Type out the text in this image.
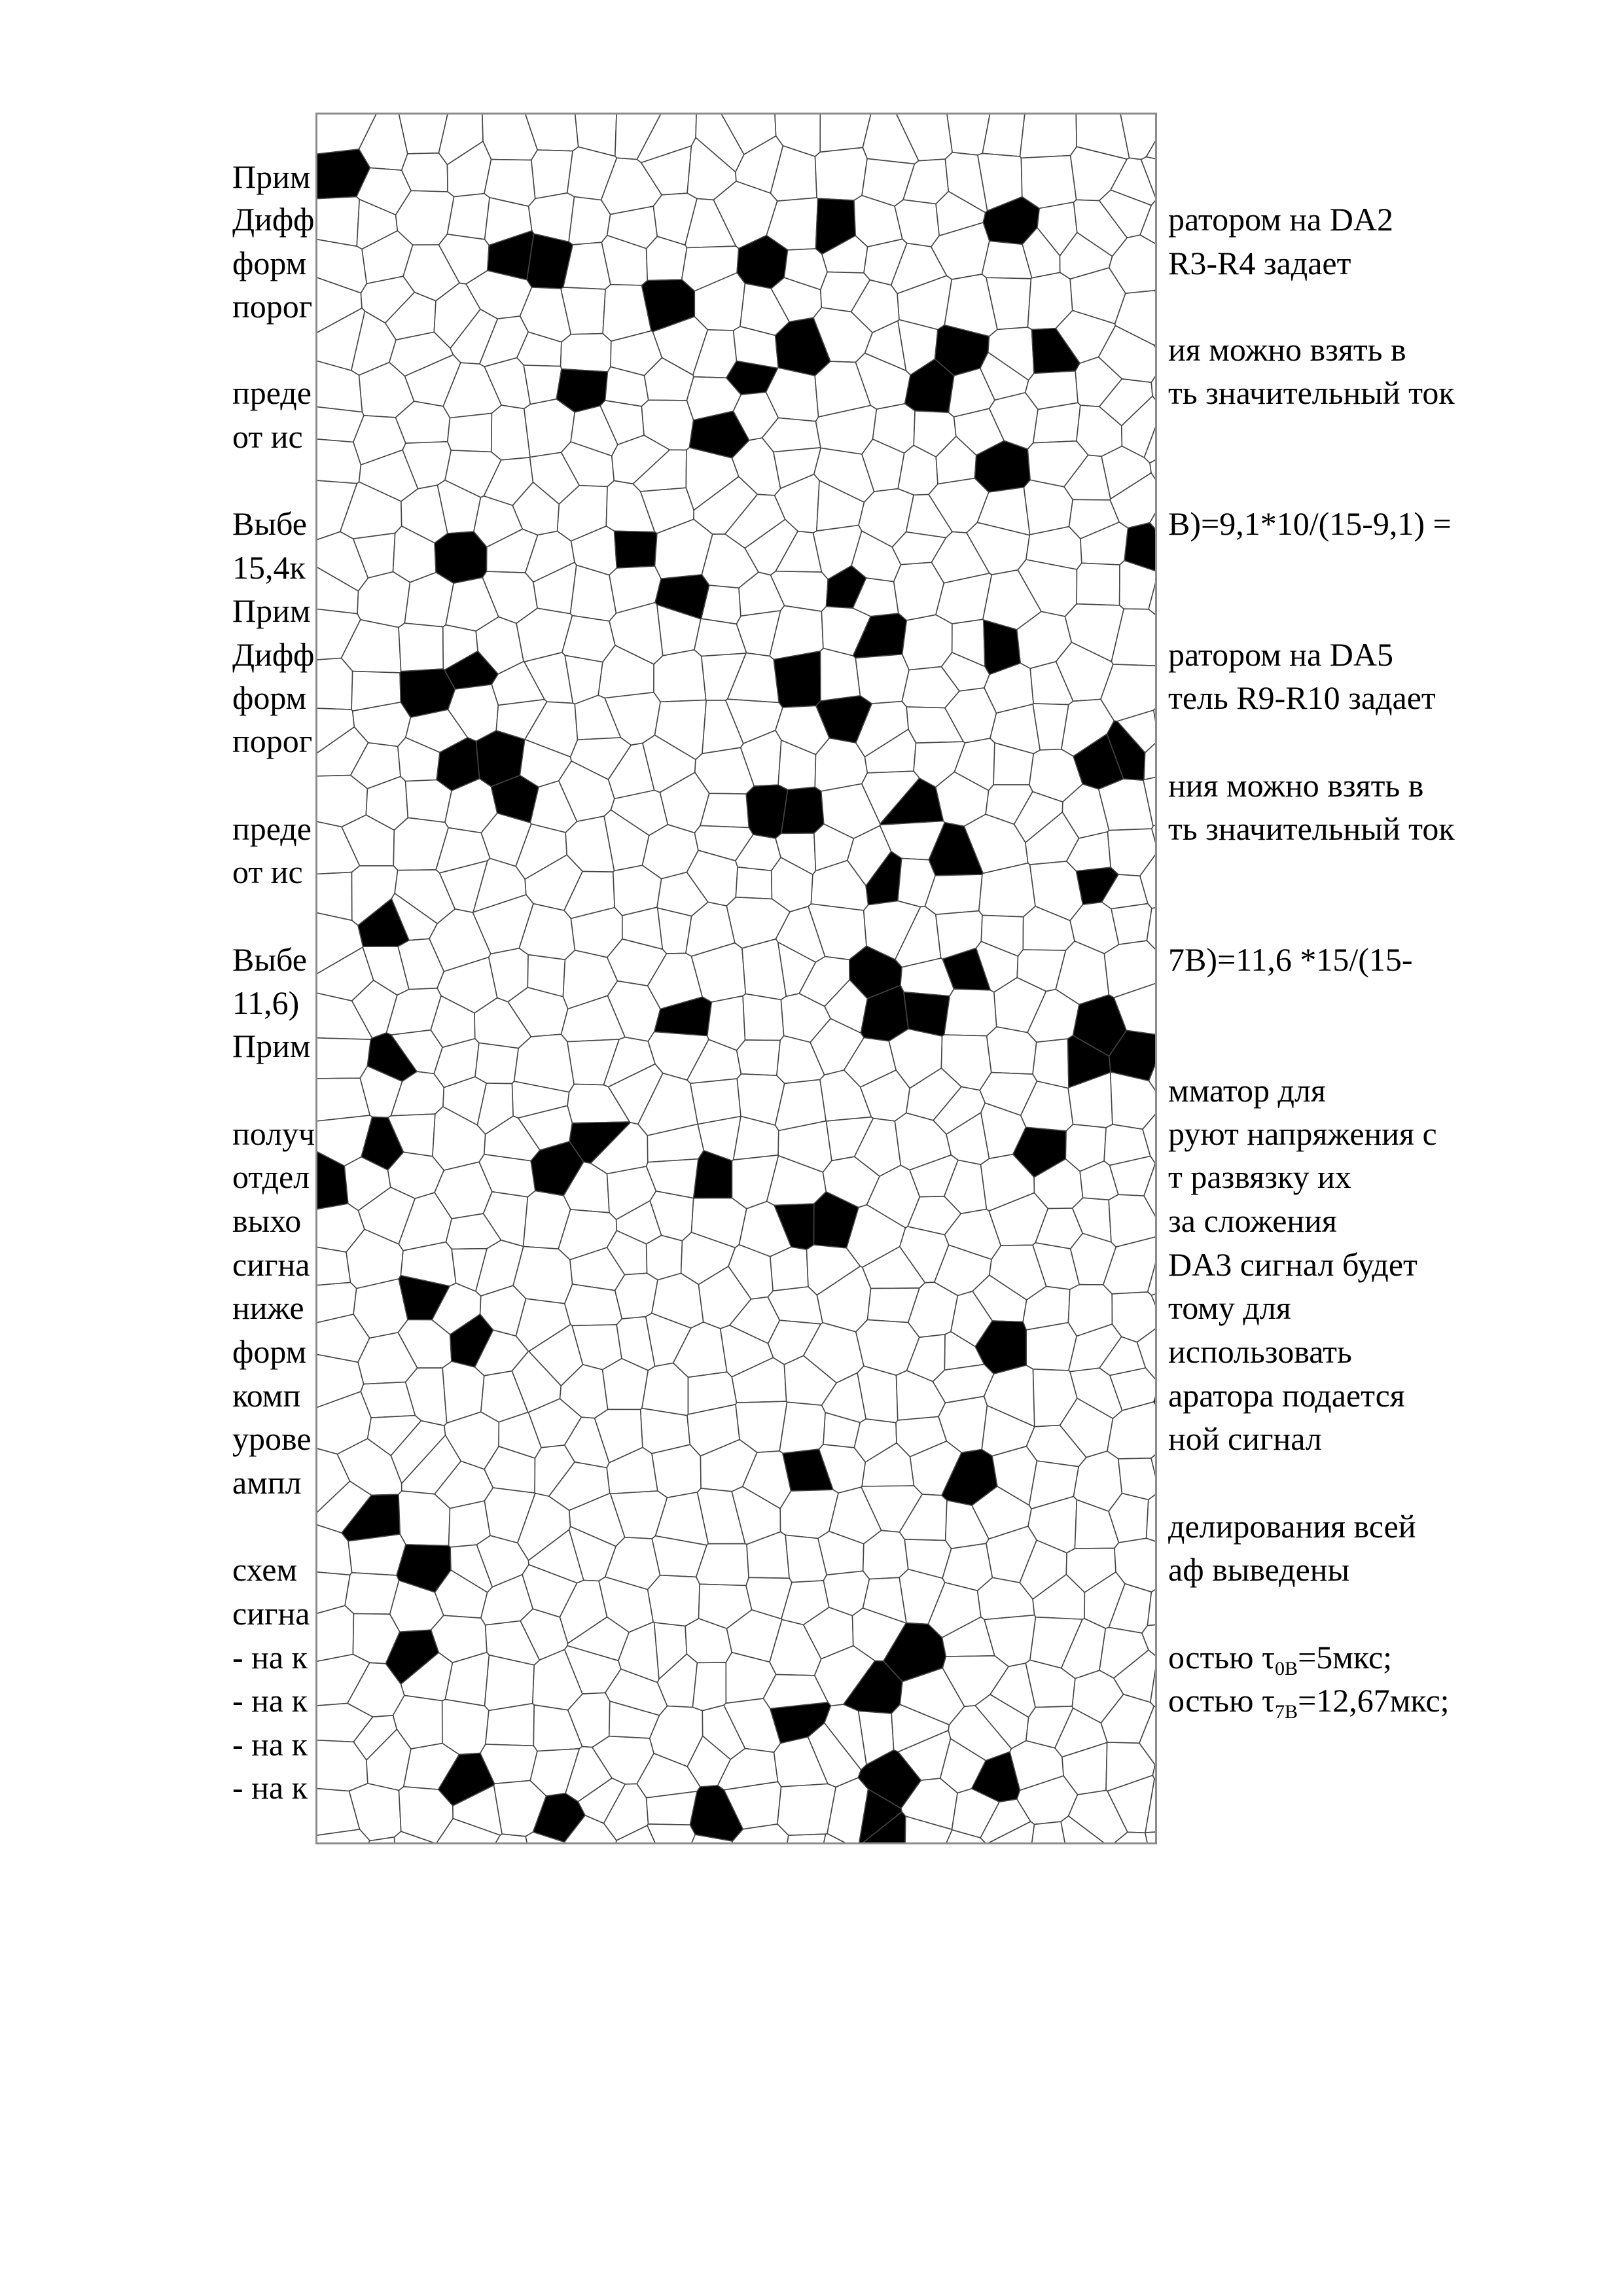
Прим

Дифф

форм

порог

преде

от ис

Выбе

15,4к

Прим

Дифф

форм

порог

преде

от ис

Выбе

11,6)

Прим

получ

отдел

выхо

сигна

ниже

форм

комп

урове

ампл

схем

сигна

- на к

- на к

- на к

- на к

ратором на DA2

R3-R4 задает

ия можно взять в

ть значительный ток

В)=9,1*10/(15-9,1) =

ратором на DA5

тель R9-R10 задает

ния можно взять в

ть значительный ток

7В)=11,6 *15/(15-

мматор для

руют напряжения с

т развязку их

за сложения

DA3 сигнал будет

тому для

использовать

аратора подается

ной сигнал

делирования всей

аф выведены

остью $\tau_{0В}=5мкс$;

остью $\tau_{7В}=12,67мкс$;
